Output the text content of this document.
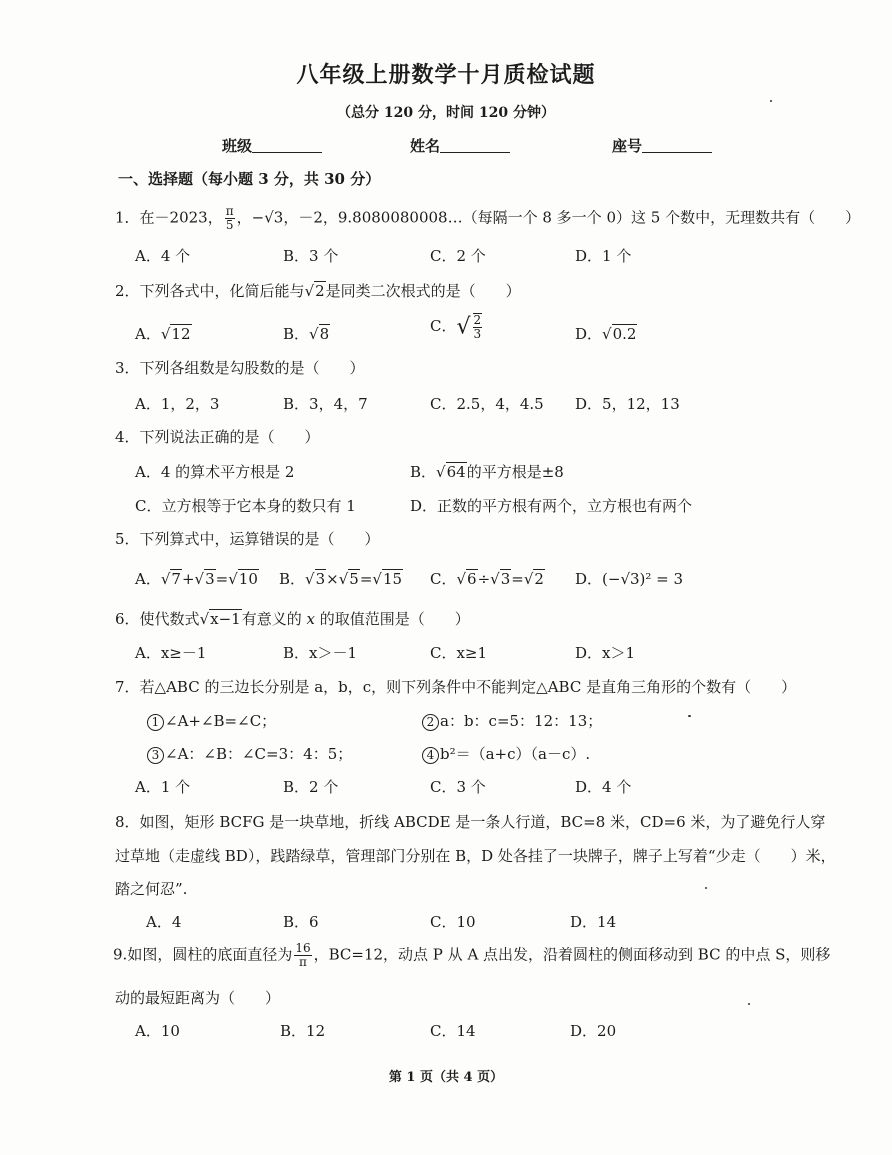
八年级上册数学十月质检试题
（总分 120 分，时间 120 分钟）
班级	姓名	座号
一、选择题（每小题 3 分，共 30 分）
1．在－2023， $\frac{\pi}{5}$ ，−√3，－2，9.8080080008…（每隔一个 8 多一个 0）这 5 个数中，无理数共有（　　）
A．4 个	B．3 个	C．2 个	D．1 个
2．下列各式中，化简后能与√2是同类二次根式的是（　　）
A．√12	B．√8	C．√ $\frac{2}{3}$	D．√0.2
3．下列各组数是勾股数的是（　　）
A．1，2，3	B．3，4，7	C．2.5，4，4.5 D．5，12，13
4．下列说法正确的是（　　）
A．4 的算术平方根是 2	B．√64的平方根是±8
C．立方根等于它本身的数只有 1	D．正数的平方根有两个，立方根也有两个
5．下列算式中，运算错误的是（　　）
A．√7+√3=√10 B．√3×√5=√15 C．√6÷√3=√2 D．(−√3)² = 3
6．使代数式√x−1有意义的 x 的取值范围是（　　）
A．x≥－1	B．x＞－1	C．x≥1	D．x＞1
7．若△ABC 的三边长分别是 a，b，c，则下列条件中不能判定△ABC 是直角三角形的个数有（　　）
1 ∠A+∠B=∠C；	2 a：b：c=5：12：13；
3 ∠A：∠B：∠C=3：4：5；	4 b²＝（a+c）（a－c）.
A．1 个	B．2 个	C．3 个	D．4 个
8．如图，矩形 BCFG 是一块草地，折线 ABCDE 是一条人行道，BC=8 米，CD=6 米，为了避免行人穿
过草地（走虚线 BD），践踏绿草，管理部门分别在 B，D 处各挂了一块牌子，牌子上写着“少走（　　）米，
踏之何忍”.
A．4	B．6	C．10	D．14
9.如图，圆柱的底面直径为 $\frac{16}{\pi}$ ，BC=12，动点 P 从 A 点出发，沿着圆柱的侧面移动到 BC 的中点 S，则移
动的最短距离为（　　）
A．10	B．12	C．14	D．20
第 1 页（共 4 页）
